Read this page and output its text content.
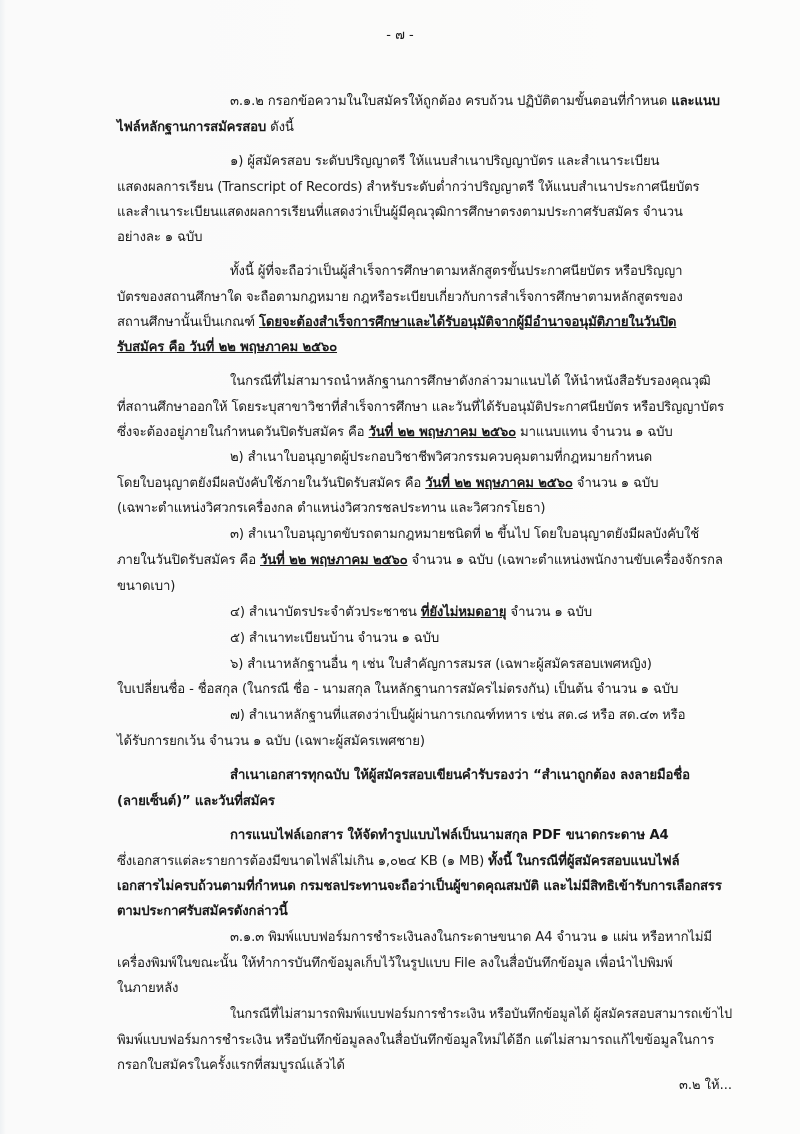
- ๗ -
๓.๑.๒ กรอกข้อความในใบสมัครให้ถูกต้อง ครบถ้วน ปฏิบัติตามขั้นตอนที่กำหนด และแนบ
ไฟล์หลักฐานการสมัครสอบ ดังนี้
๑) ผู้สมัครสอบ ระดับปริญญาตรี ให้แนบสำเนาปริญญาบัตร และสำเนาระเบียน
แสดงผลการเรียน (Transcript of Records) สำหรับระดับต่ำกว่าปริญญาตรี ให้แนบสำเนาประกาศนียบัตร
และสำเนาระเบียนแสดงผลการเรียนที่แสดงว่าเป็นผู้มีคุณวุฒิการศึกษาตรงตามประกาศรับสมัคร จำนวน
อย่างละ ๑ ฉบับ
ทั้งนี้ ผู้ที่จะถือว่าเป็นผู้สำเร็จการศึกษาตามหลักสูตรขั้นประกาศนียบัตร หรือปริญญา
บัตรของสถานศึกษาใด จะถือตามกฎหมาย กฎหรือระเบียบเกี่ยวกับการสำเร็จการศึกษาตามหลักสูตรของ
สถานศึกษานั้นเป็นเกณฑ์ โดยจะต้องสำเร็จการศึกษาและได้รับอนุมัติจากผู้มีอำนาจอนุมัติภายในวันปิด
รับสมัคร คือ วันที่ ๒๒ พฤษภาคม ๒๕๖๐
ในกรณีที่ไม่สามารถนำหลักฐานการศึกษาดังกล่าวมาแนบได้ ให้นำหนังสือรับรองคุณวุฒิ
ที่สถานศึกษาออกให้ โดยระบุสาขาวิชาที่สำเร็จการศึกษา และวันที่ได้รับอนุมัติประกาศนียบัตร หรือปริญญาบัตร
ซึ่งจะต้องอยู่ภายในกำหนดวันปิดรับสมัคร คือ วันที่ ๒๒ พฤษภาคม ๒๕๖๐ มาแนบแทน จำนวน ๑ ฉบับ
๒) สำเนาใบอนุญาตผู้ประกอบวิชาชีพวิศวกรรมควบคุมตามที่กฎหมายกำหนด
โดยใบอนุญาตยังมีผลบังคับใช้ภายในวันปิดรับสมัคร คือ วันที่ ๒๒ พฤษภาคม ๒๕๖๐ จำนวน ๑ ฉบับ
(เฉพาะตำแหน่งวิศวกรเครื่องกล ตำแหน่งวิศวกรชลประทาน และวิศวกรโยธา)
๓) สำเนาใบอนุญาตขับรถตามกฎหมายชนิดที่ ๒ ขึ้นไป โดยใบอนุญาตยังมีผลบังคับใช้
ภายในวันปิดรับสมัคร คือ วันที่ ๒๒ พฤษภาคม ๒๕๖๐ จำนวน ๑ ฉบับ (เฉพาะตำแหน่งพนักงานขับเครื่องจักรกล
ขนาดเบา)
๔) สำเนาบัตรประจำตัวประชาชน ที่ยังไม่หมดอายุ จำนวน ๑ ฉบับ
๕) สำเนาทะเบียนบ้าน จำนวน ๑ ฉบับ
๖) สำเนาหลักฐานอื่น ๆ เช่น ใบสำคัญการสมรส (เฉพาะผู้สมัครสอบเพศหญิง)
ใบเปลี่ยนชื่อ - ชื่อสกุล (ในกรณี ชื่อ - นามสกุล ในหลักฐานการสมัครไม่ตรงกัน) เป็นต้น จำนวน ๑ ฉบับ
๗) สำเนาหลักฐานที่แสดงว่าเป็นผู้ผ่านการเกณฑ์ทหาร เช่น สด.๘ หรือ สด.๔๓ หรือ
ได้รับการยกเว้น จำนวน ๑ ฉบับ (เฉพาะผู้สมัครเพศชาย)
สำเนาเอกสารทุกฉบับ ให้ผู้สมัครสอบเขียนคำรับรองว่า “สำเนาถูกต้อง ลงลายมือชื่อ
(ลายเซ็นต์)” และวันที่สมัคร
การแนบไฟล์เอกสาร ให้จัดทำรูปแบบไฟล์เป็นนามสกุล PDF ขนาดกระดาษ A4
ซึ่งเอกสารแต่ละรายการต้องมีขนาดไฟล์ไม่เกิน ๑,๐๒๔ KB (๑ MB) ทั้งนี้ ในกรณีที่ผู้สมัครสอบแนบไฟล์
เอกสารไม่ครบถ้วนตามที่กำหนด กรมชลประทานจะถือว่าเป็นผู้ขาดคุณสมบัติ และไม่มีสิทธิเข้ารับการเลือกสรร
ตามประกาศรับสมัครดังกล่าวนี้
๓.๑.๓ พิมพ์แบบฟอร์มการชำระเงินลงในกระดาษขนาด A4 จำนวน ๑ แผ่น หรือหากไม่มี
เครื่องพิมพ์ในขณะนั้น ให้ทำการบันทึกข้อมูลเก็บไว้ในรูปแบบ File ลงในสื่อบันทึกข้อมูล เพื่อนำไปพิมพ์
ในภายหลัง
ในกรณีที่ไม่สามารถพิมพ์แบบฟอร์มการชำระเงิน หรือบันทึกข้อมูลได้ ผู้สมัครสอบสามารถเข้าไป
พิมพ์แบบฟอร์มการชำระเงิน หรือบันทึกข้อมูลลงในสื่อบันทึกข้อมูลใหม่ได้อีก แต่ไม่สามารถแก้ไขข้อมูลในการ
กรอกใบสมัครในครั้งแรกที่สมบูรณ์แล้วได้
๓.๒ ให้...
